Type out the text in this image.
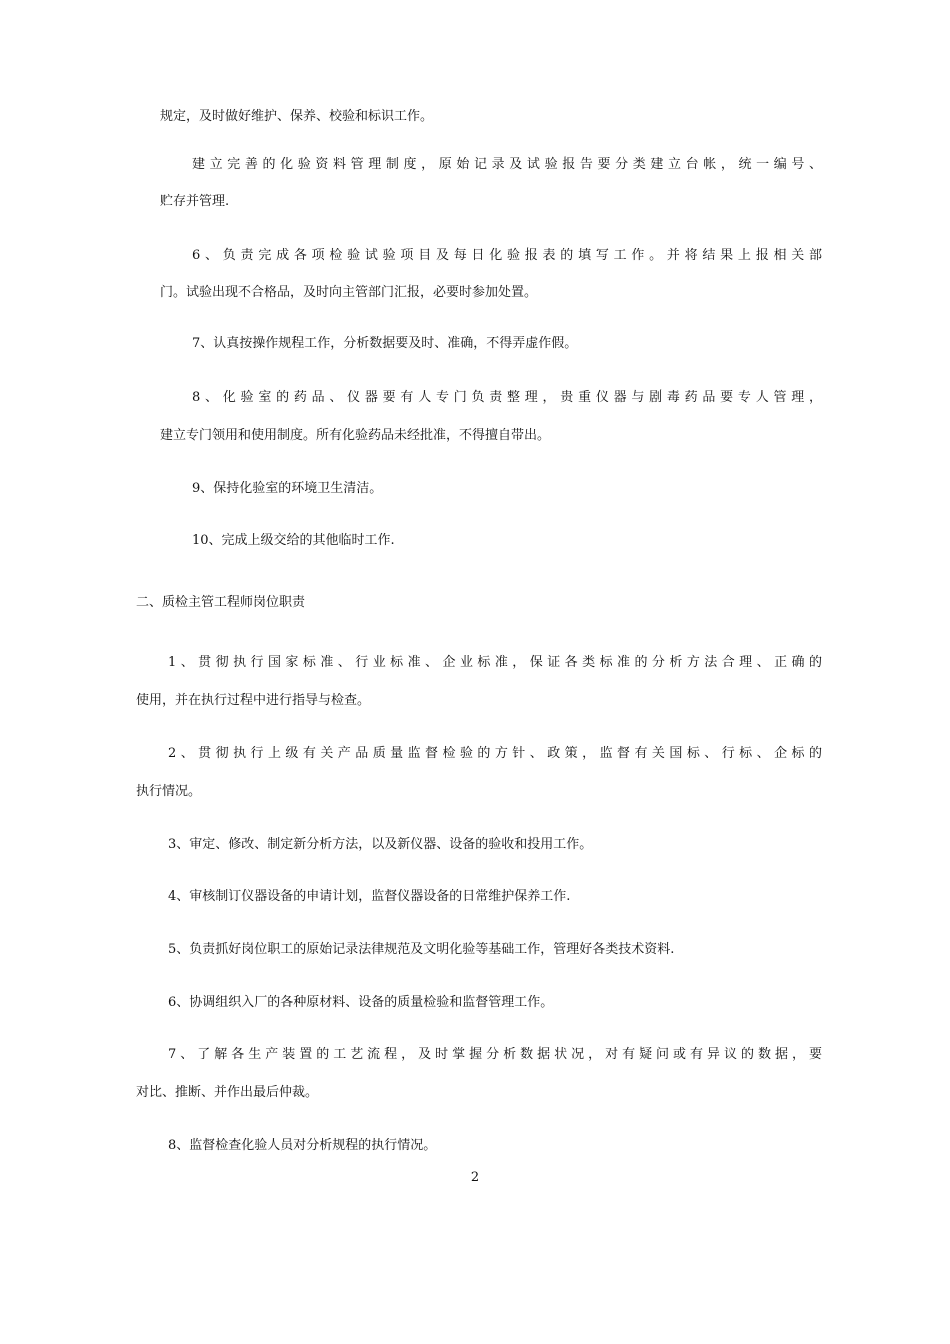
规定，及时做好维护、保养、校验和标识工作。
建立完善的化验资料管理制度，原始记录及试验报告要分类建立台帐，统一编号、
贮存并管理.
6、负责完成各项检验试验项目及每日化验报表的填写工作。并将结果上报相关部
门。试验出现不合格品，及时向主管部门汇报，必要时参加处置。
7、认真按操作规程工作，分析数据要及时、准确，不得弄虚作假。
8、化验室的药品、仪器要有人专门负责整理，贵重仪器与剧毒药品要专人管理，
建立专门领用和使用制度。所有化验药品未经批准，不得擅自带出。
9、保持化验室的环境卫生清洁。
10、完成上级交给的其他临时工作.
二、质检主管工程师岗位职责
1、贯彻执行国家标准、行业标准、企业标准，保证各类标准的分析方法合理、正确的
使用，并在执行过程中进行指导与检查。
2、贯彻执行上级有关产品质量监督检验的方针、政策，监督有关国标、行标、企标的
执行情况。
3、审定、修改、制定新分析方法，以及新仪器、设备的验收和投用工作。
4、审核制订仪器设备的申请计划，监督仪器设备的日常维护保养工作.
5、负责抓好岗位职工的原始记录法律规范及文明化验等基础工作，管理好各类技术资料.
6、协调组织入厂的各种原材料、设备的质量检验和监督管理工作。
7、了解各生产装置的工艺流程，及时掌握分析数据状况，对有疑问或有异议的数据，要
对比、推断、并作出最后仲裁。
8、监督检查化验人员对分析规程的执行情况。
2
